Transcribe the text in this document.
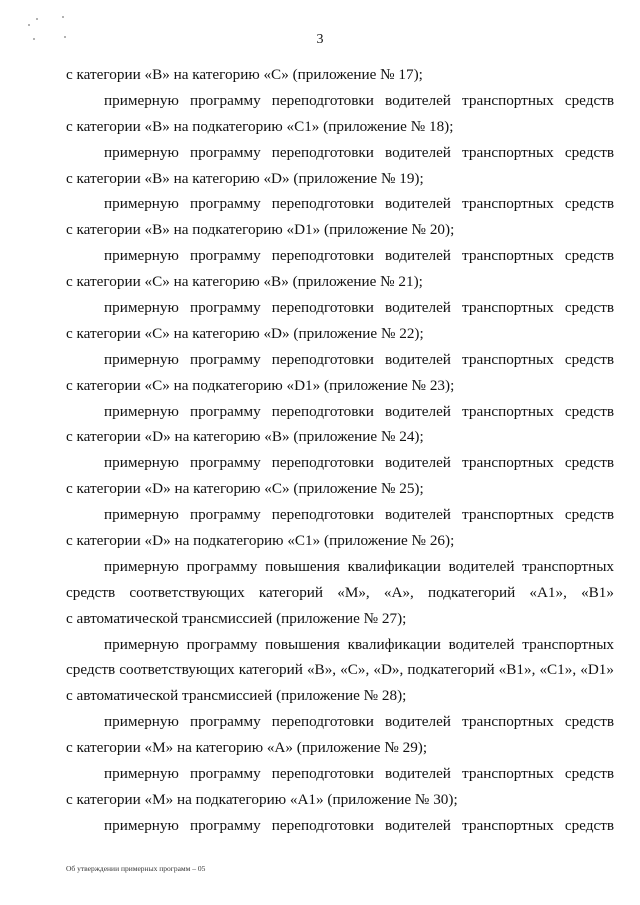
3
с категории «B» на категорию «C» (приложение № 17);
примерную программу переподготовки водителей транспортных средств
с категории «B» на подкатегорию «C1» (приложение № 18);
примерную программу переподготовки водителей транспортных средств
с категории «B» на категорию «D» (приложение № 19);
примерную программу переподготовки водителей транспортных средств
с категории «B» на подкатегорию «D1» (приложение № 20);
примерную программу переподготовки водителей транспортных средств
с категории «C» на категорию «B» (приложение № 21);
примерную программу переподготовки водителей транспортных средств
с категории «C» на категорию «D» (приложение № 22);
примерную программу переподготовки водителей транспортных средств
с категории «C» на подкатегорию «D1» (приложение № 23);
примерную программу переподготовки водителей транспортных средств
с категории «D» на категорию «B» (приложение № 24);
примерную программу переподготовки водителей транспортных средств
с категории «D» на категорию «C» (приложение № 25);
примерную программу переподготовки водителей транспортных средств
с категории «D» на подкатегорию «C1» (приложение № 26);
примерную программу повышения квалификации водителей транспортных
средств соответствующих категорий «M», «A», подкатегорий «A1», «B1»
с автоматической трансмиссией (приложение № 27);
примерную программу повышения квалификации водителей транспортных
средств соответствующих категорий «B», «C», «D», подкатегорий «B1», «C1», «D1»
с автоматической трансмиссией (приложение № 28);
примерную программу переподготовки водителей транспортных средств
с категории «M» на категорию «A» (приложение № 29);
примерную программу переподготовки водителей транспортных средств
с категории «M» на подкатегорию «A1» (приложение № 30);
примерную программу переподготовки водителей транспортных средств
Об утверждении примерных программ – 05
